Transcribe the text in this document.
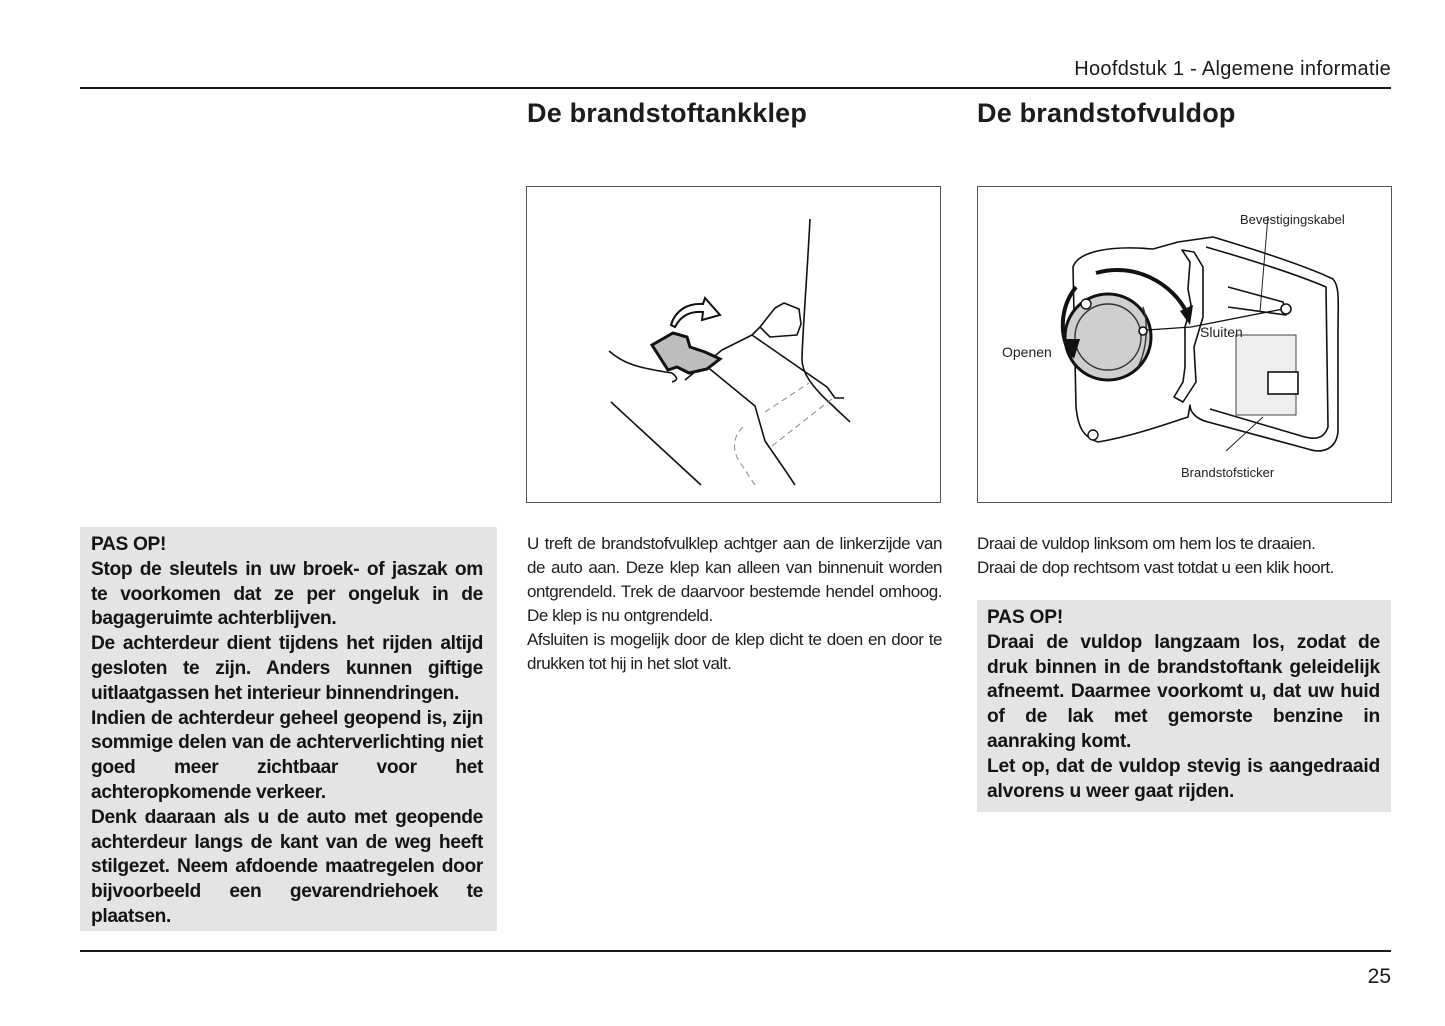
Hoofdstuk 1 - Algemene informatie
De brandstoftankklep	De brandstofvuldop
Bevestigingskabel
Sluiten
Openen
Brandstofsticker
PAS OP!

Stop de sleutels in uw broek- of jaszak om te voorkomen dat ze per ongeluk in de bagageruimte achterblijven.

De achterdeur dient tijdens het rijden altijd gesloten te zijn. Anders kunnen giftige uitlaatgassen het interieur binnendringen.

Indien de achterdeur geheel geopend is, zijn sommige delen van de achterverlichting niet goed meer zichtbaar voor het achteropkomende verkeer.

Denk daaraan als u de auto met geopende achterdeur langs de kant van de weg heeft stilgezet. Neem afdoende maatregelen door bijvoorbeeld een gevarendriehoek te plaatsen.

U treft de brandstofvulklep achtger aan de linkerzijde van de auto aan. Deze klep kan alleen van binnenuit worden ontgrendeld. Trek de daarvoor bestemde hendel omhoog. De klep is nu ontgrendeld.

Afsluiten is mogelijk door de klep dicht te doen en door te drukken tot hij in het slot valt.

Draai de vuldop linksom om hem los te draaien.

Draai de dop rechtsom vast totdat u een klik hoort.

PAS OP!

Draai de vuldop langzaam los, zodat de druk binnen in de brandstoftank geleidelijk afneemt. Daarmee voorkomt u, dat uw huid of de lak met gemorste benzine in aanraking komt.

Let op, dat de vuldop stevig is aangedraaid alvorens u weer gaat rijden.

25
